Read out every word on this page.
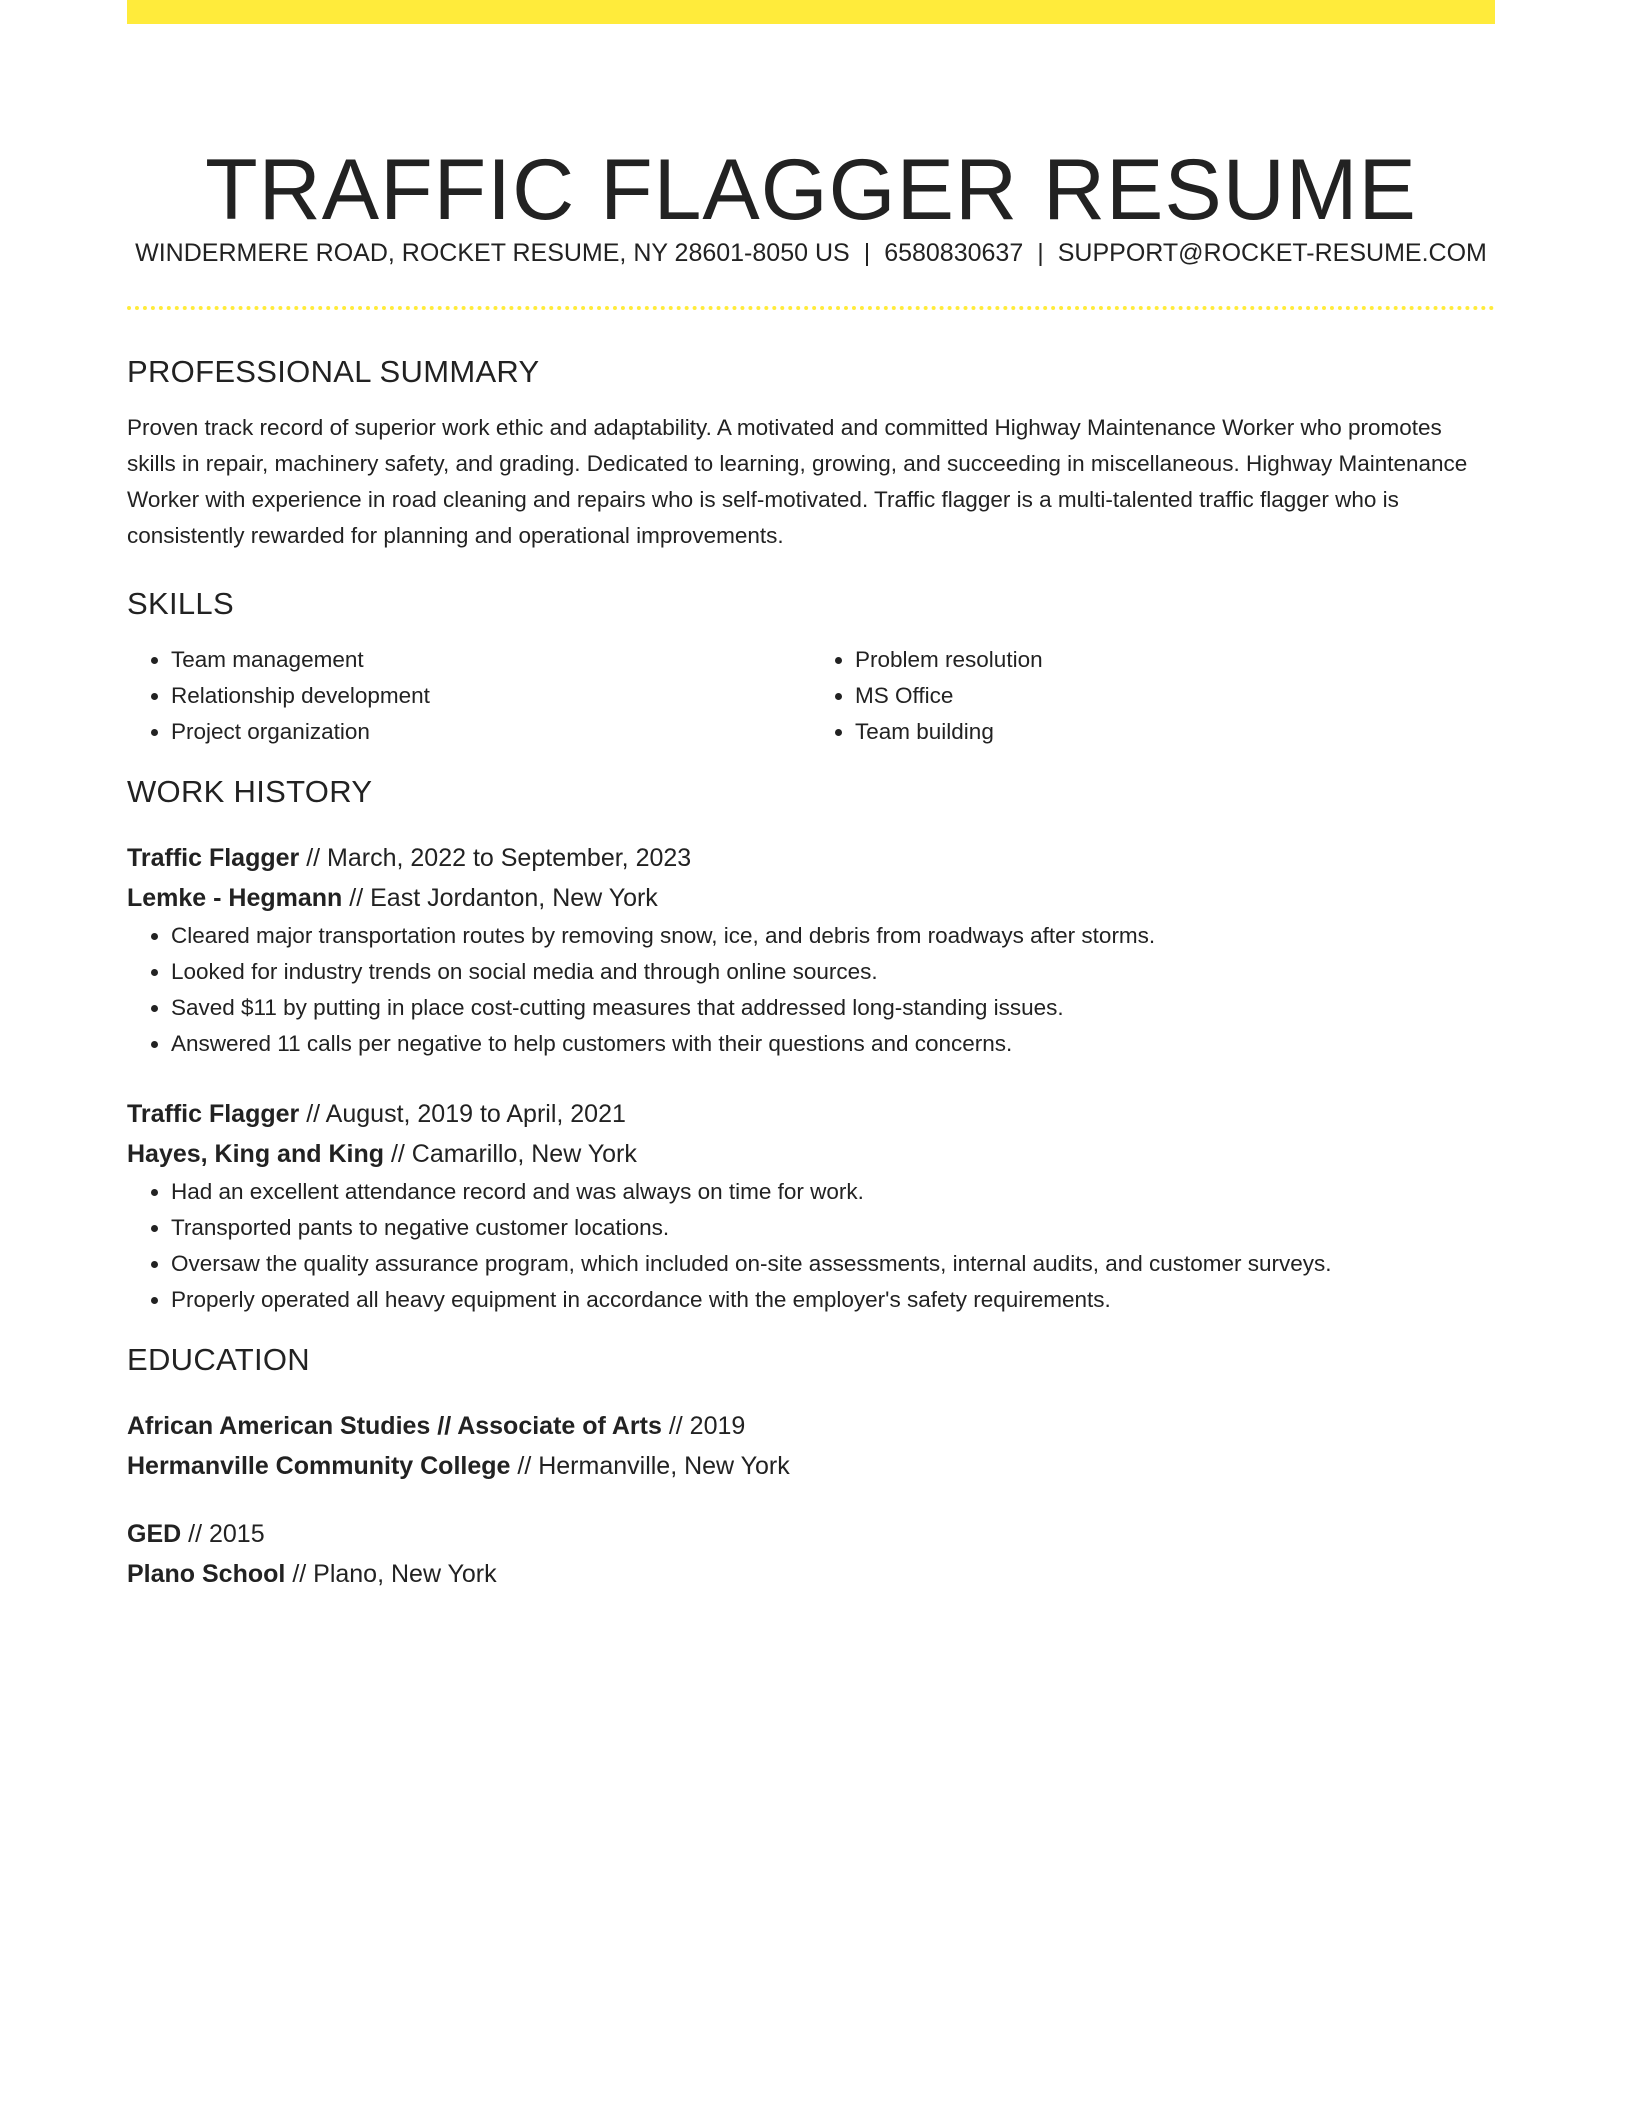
TRAFFIC FLAGGER RESUME
WINDERMERE ROAD, ROCKET RESUME, NY 28601-8050 US | 6580830637 | SUPPORT@ROCKET-RESUME.COM
PROFESSIONAL SUMMARY

Proven track record of superior work ethic and adaptability. A motivated and committed Highway Maintenance Worker who promotes skills in repair, machinery safety, and grading. Dedicated to learning, growing, and succeeding in miscellaneous. Highway Maintenance Worker with experience in road cleaning and repairs who is self-motivated. Traffic flagger is a multi-talented traffic flagger who is consistently rewarded for planning and operational improvements.

SKILLS
• Team management
• Relationship development
• Project organization
• Problem resolution
• MS Office
• Team building
WORK HISTORY

Traffic Flagger // March, 2022 to September, 2023

Lemke - Hegmann // East Jordanton, New York

• Cleared major transportation routes by removing snow, ice, and debris from roadways after storms.
• Looked for industry trends on social media and through online sources.
• Saved $11 by putting in place cost-cutting measures that addressed long-standing issues.
• Answered 11 calls per negative to help customers with their questions and concerns.

Traffic Flagger // August, 2019 to April, 2021

Hayes, King and King // Camarillo, New York

• Had an excellent attendance record and was always on time for work.
• Transported pants to negative customer locations.
• Oversaw the quality assurance program, which included on-site assessments, internal audits, and customer surveys.
• Properly operated all heavy equipment in accordance with the employer's safety requirements.
EDUCATION

African American Studies // Associate of Arts // 2019

Hermanville Community College // Hermanville, New York

GED // 2015

Plano School // Plano, New York
